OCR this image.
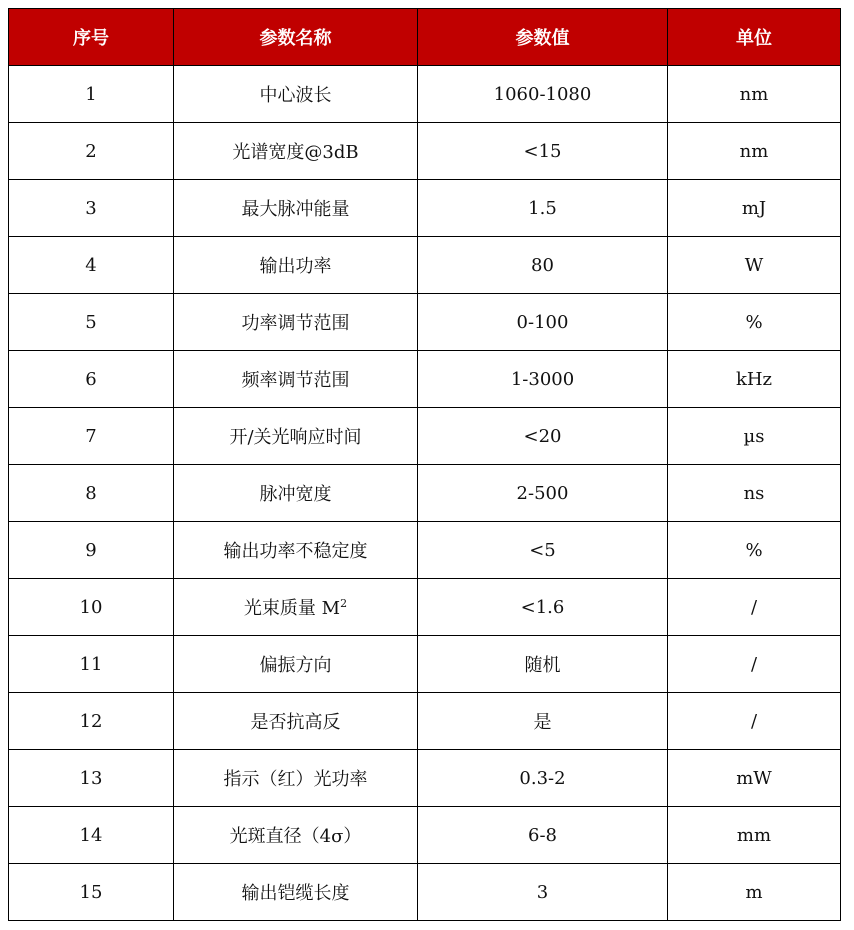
序号	参数名称	参数值	单位
1	中心波长	1060-1080	nm
2	光谱宽度@3dB	<15	nm
3	最大脉冲能量	1.5	mJ
4	输出功率	80	W
5	功率调节范围	0-100	%
6	频率调节范围	1-3000	kHz
7	开/关光响应时间	<20	µs
8	脉冲宽度	2-500	ns
9	输出功率不稳定度	<5	%
10	光束质量 $M^2$	<1.6	/
11	偏振方向	随机	/
12	是否抗高反	是	/
13	指示（红）光功率	0.3-2	mW
14	光斑直径（4σ）	6-8	mm
15	输出铠缆长度	3	m
